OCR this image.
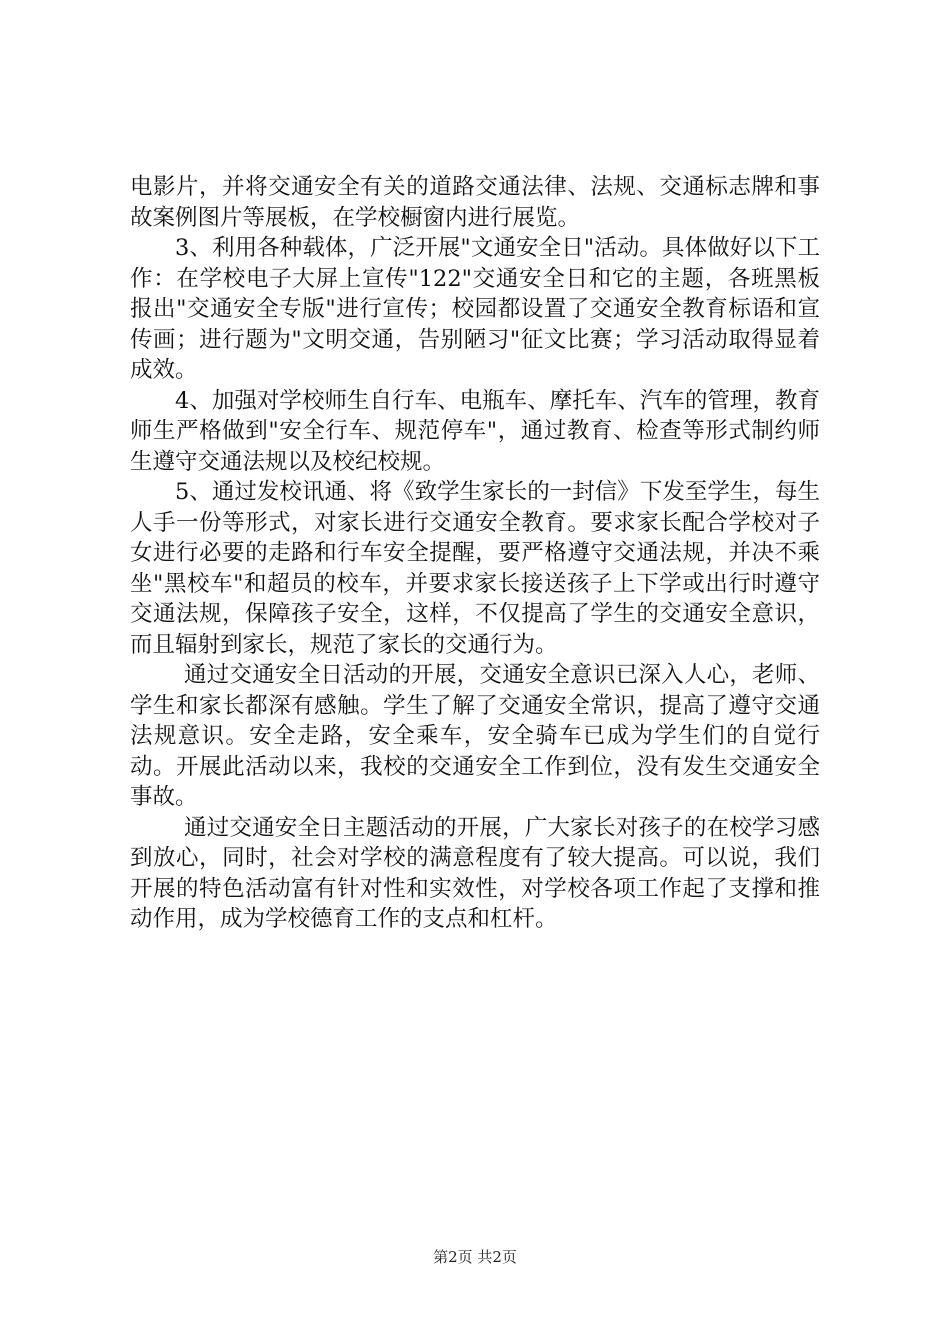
电影片，并将交通安全有关的道路交通法律、法规、交通标志牌和事故案例图片等展板，在学校橱窗内进行展览。

3、利用各种载体，广泛开展"文通安全日"活动。具体做好以下工作：在学校电子大屏上宣传"122"交通安全日和它的主题，各班黑板报出"交通安全专版"进行宣传；校园都设置了交通安全教育标语和宣传画；进行题为"文明交通，告别陋习"征文比赛；学习活动取得显着成效。

4、加强对学校师生自行车、电瓶车、摩托车、汽车的管理，教育师生严格做到"安全行车、规范停车"，通过教育、检查等形式制约师生遵守交通法规以及校纪校规。

5、通过发校讯通、将《致学生家长的一封信》下发至学生，每生人手一份等形式，对家长进行交通安全教育。要求家长配合学校对子女进行必要的走路和行车安全提醒，要严格遵守交通法规，并决不乘坐"黑校车"和超员的校车，并要求家长接送孩子上下学或出行时遵守交通法规，保障孩子安全，这样，不仅提高了学生的交通安全意识，而且辐射到家长，规范了家长的交通行为。

通过交通安全日活动的开展，交通安全意识已深入人心，老师、学生和家长都深有感触。学生了解了交通安全常识，提高了遵守交通法规意识。安全走路，安全乘车，安全骑车已成为学生们的自觉行动。开展此活动以来，我校的交通安全工作到位，没有发生交通安全事故。

通过交通安全日主题活动的开展，广大家长对孩子的在校学习感到放心，同时，社会对学校的满意程度有了较大提高。可以说，我们开展的特色活动富有针对性和实效性，对学校各项工作起了支撑和推动作用，成为学校德育工作的支点和杠杆。

第2页 共2页
